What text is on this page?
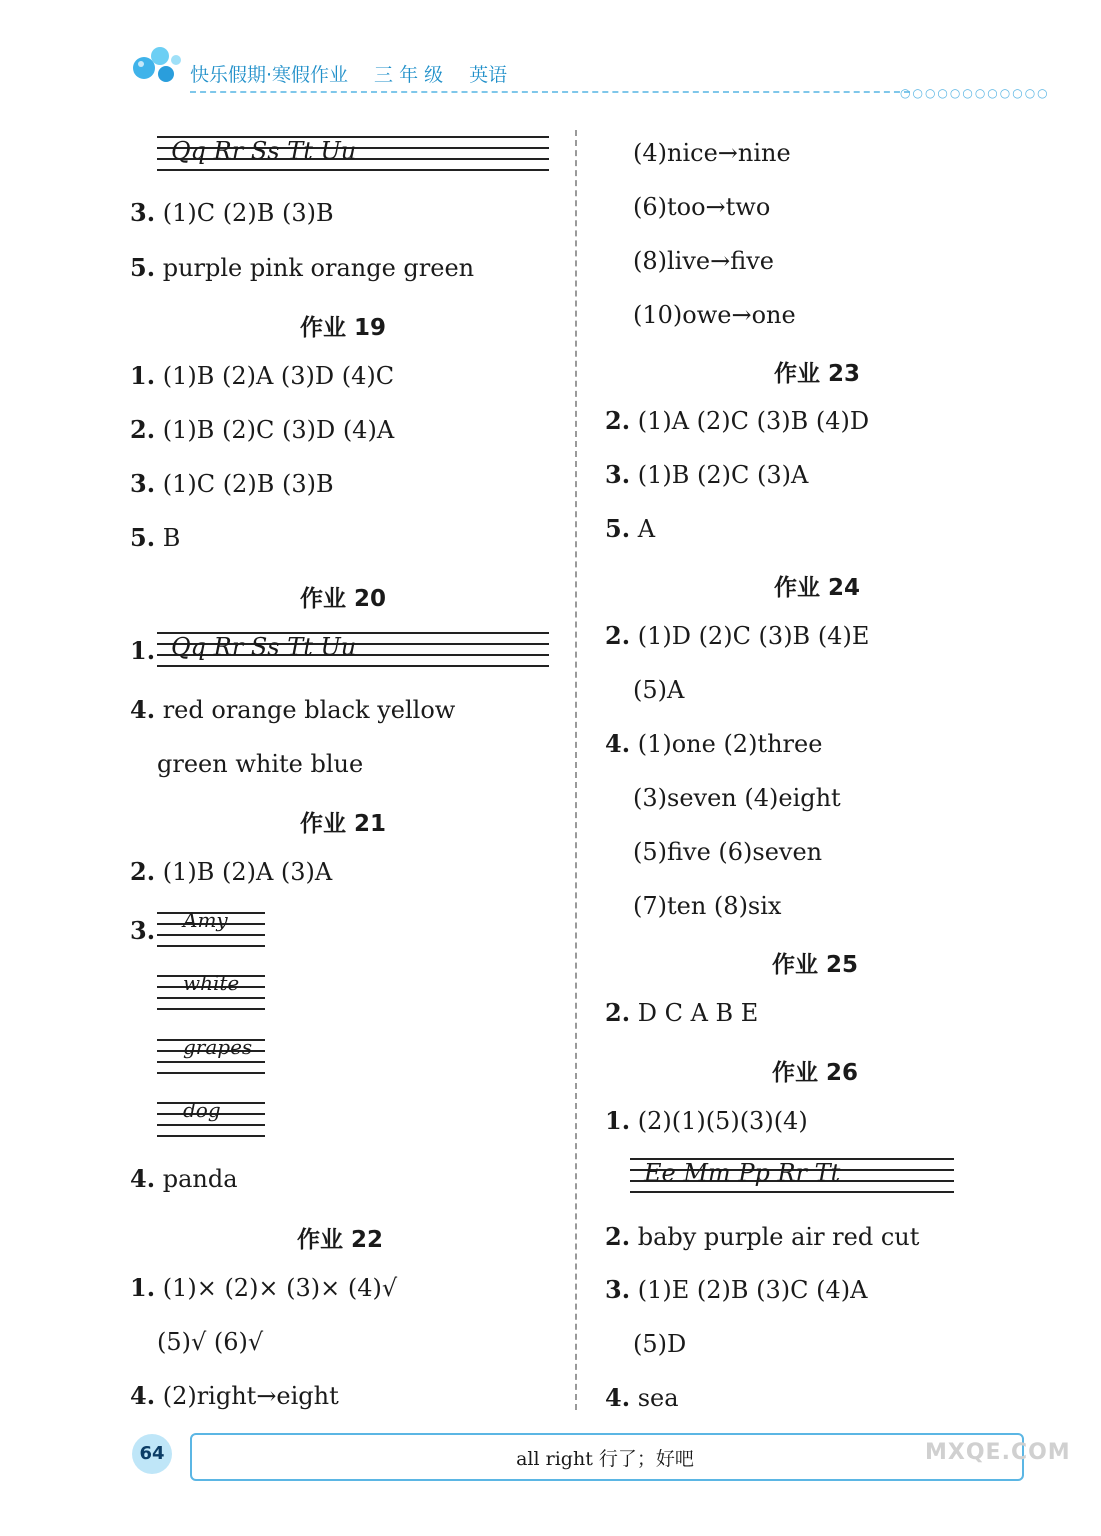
快乐假期·寒假作业 三 年 级 英语
○○○○○○○○○○○○
Qq Rr Ss Tt Uu
3. (1)C (2)B (3)B
5. purple pink orange green
作业 19
1. (1)B (2)A (3)D (4)C
2. (1)B (2)C (3)D (4)A
3. (1)C (2)B (3)B
5. B
作业 20
1. Qq Rr Ss Tt Uu
4. red orange black yellow
green white blue
作业 21
2. (1)B (2)A (3)A
3. Amy
white
grapes
dog
4. panda
作业 22
1. (1)× (2)× (3)× (4)√
(5)√ (6)√
4. (2)right→eight
(4)nice→nine
(6)too→two
(8)live→five
(10)owe→one
作业 23
2. (1)A (2)C (3)B (4)D
3. (1)B (2)C (3)A
5. A
作业 24
2. (1)D (2)C (3)B (4)E
(5)A
4. (1)one (2)three
(3)seven (4)eight
(5)five (6)seven
(7)ten (8)six
作业 25
2. D C A B E
作业 26
1. (2)(1)(5)(3)(4)
Ee Mm Pp Rr Tt
2. baby purple air red cut
3. (1)E (2)B (3)C (4)A
(5)D
4. sea
64	all right 行了；好吧	MXQE.COM
